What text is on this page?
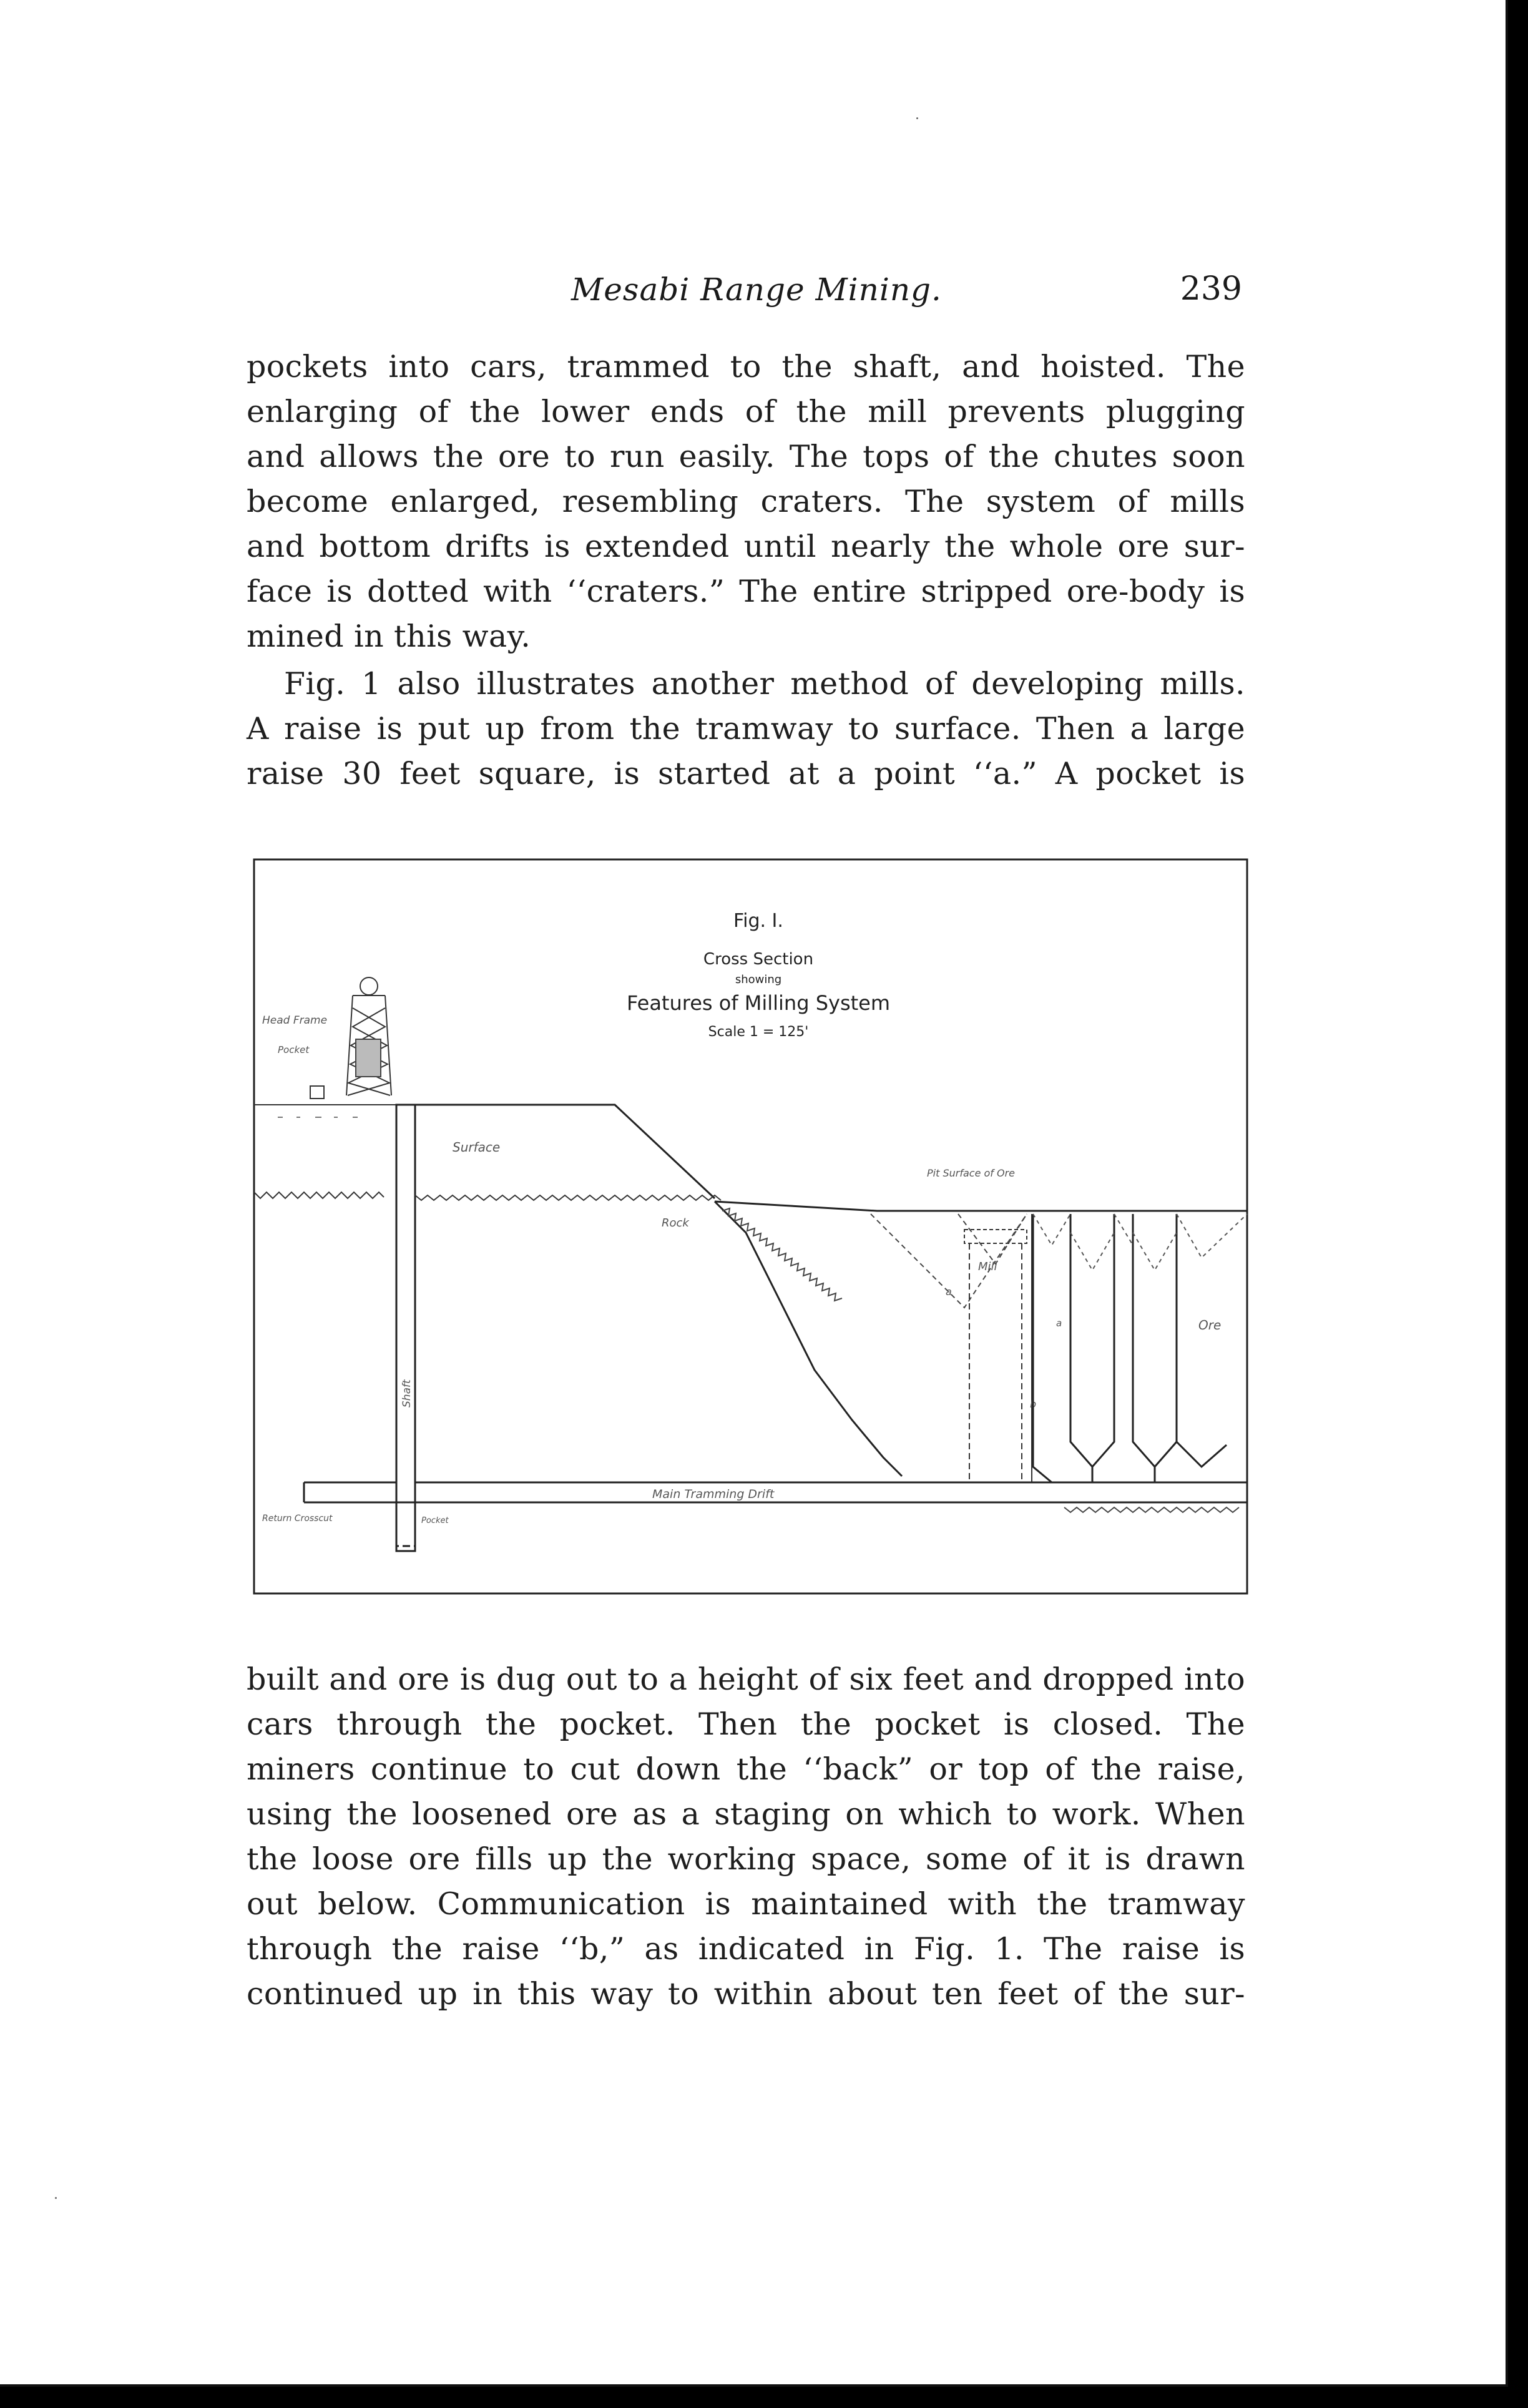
Mesabi Range Mining.	239
pockets into cars, trammed to the shaft, and hoisted. The
enlarging of the lower ends of the mill prevents plugging
and allows the ore to run easily. The tops of the chutes soon
become enlarged, resembling craters. The system of mills
and bottom drifts is extended until nearly the whole ore sur-
face is dotted with ‘‘craters.” The entire stripped ore-body is
mined in this way.
Fig. 1 also illustrates another method of developing mills.
A raise is put up from the tramway to surface. Then a large
raise 30 feet square, is started at a point ‘‘a.” A pocket is
Fig. I.
Cross Section
showing
Features of Milling System
Scale 1 = 125'
Head Frame
Pocket
Shaft
Surface
Rock
Pit Surface of Ore
Mill
a
b
a	Ore
Main Tramming Drift
Return Crosscut	Pocket
built and ore is dug out to a height of six feet and dropped into
cars through the pocket. Then the pocket is closed. The
miners continue to cut down the ‘‘back” or top of the raise,
using the loosened ore as a staging on which to work. When
the loose ore fills up the working space, some of it is drawn
out below. Communication is maintained with the tramway
through the raise ‘‘b,” as indicated in Fig. 1. The raise is
continued up in this way to within about ten feet of the sur-
